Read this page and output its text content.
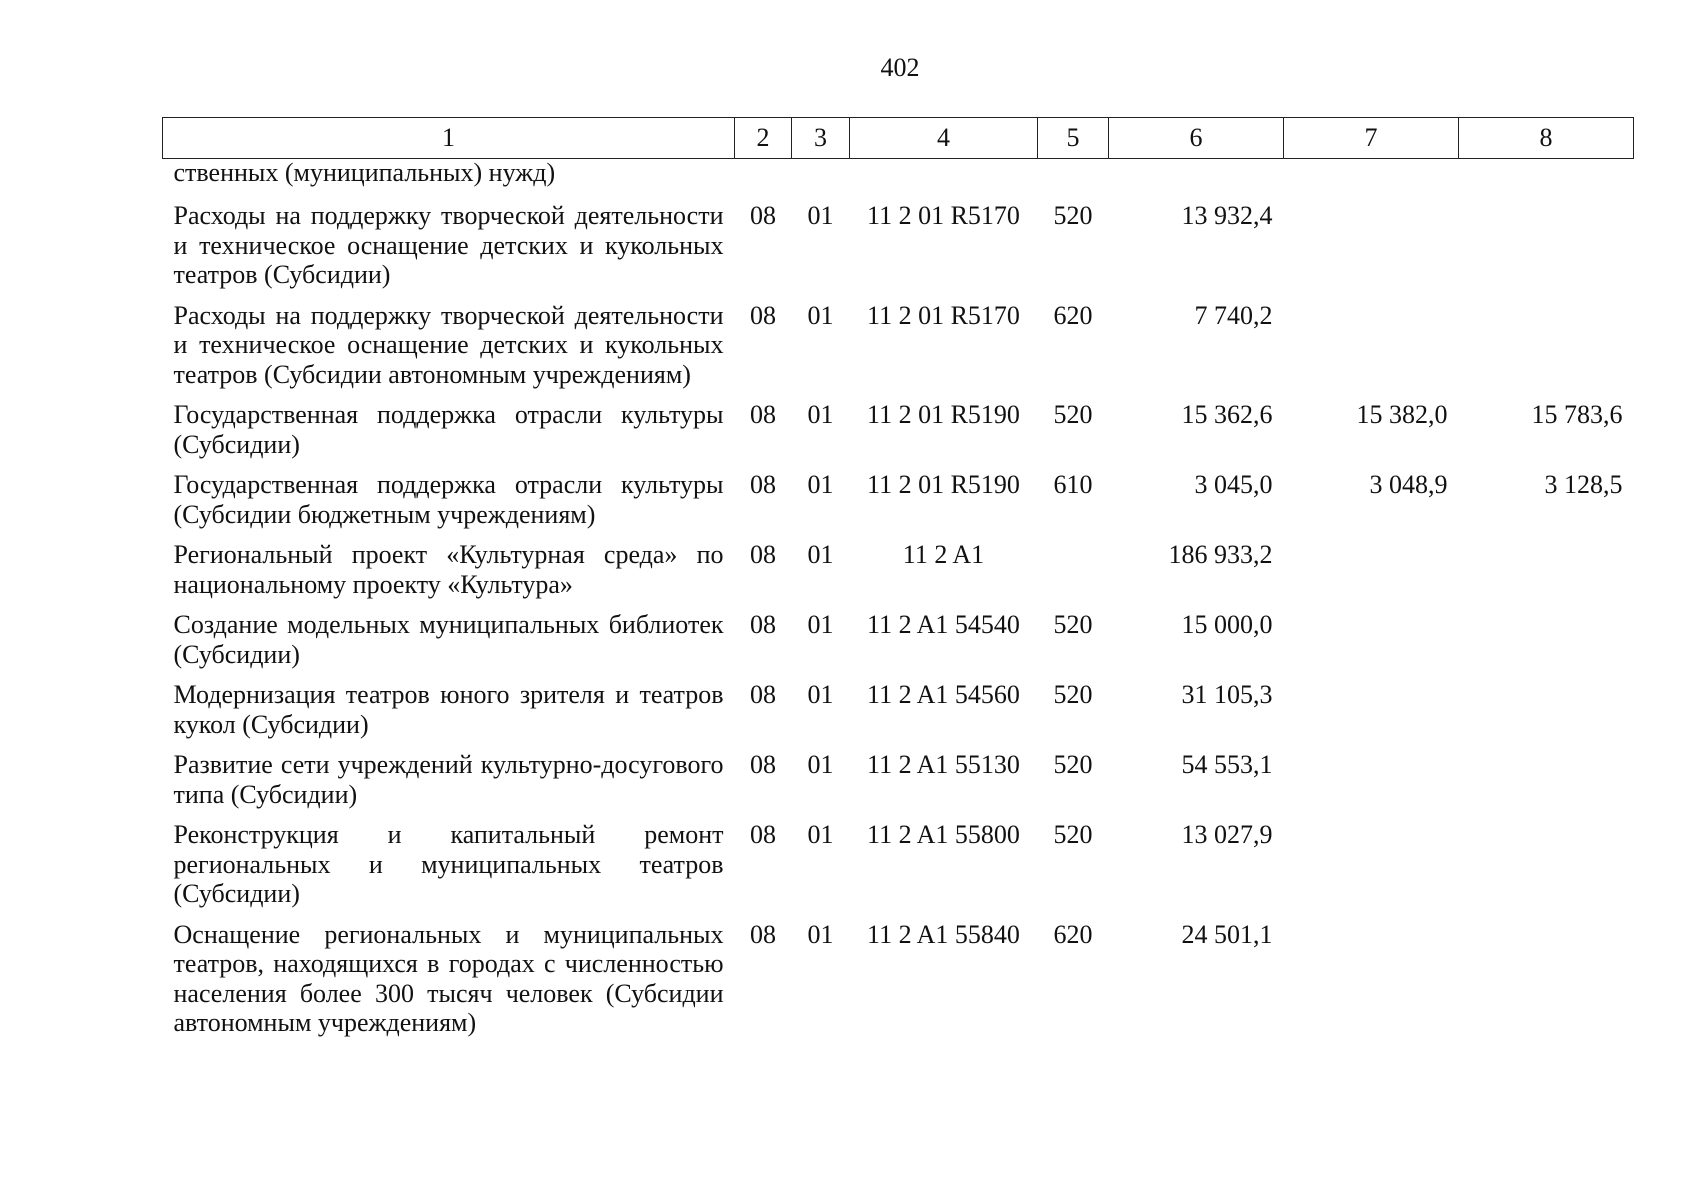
402
1	2	3	4	5	6	7	8
ственных (муниципальных) нужд)							
Расходы на поддержку творческой деятельности и техническое оснащение детских и кукольных театров (Субсидии)	08	01	11 2 01 R5170	520	13 932,4		
Расходы на поддержку творческой деятельности и техническое оснащение детских и кукольных театров (Субсидии автономным учреждениям)	08	01	11 2 01 R5170	620	7 740,2		
Государственная поддержка отрасли культуры (Субсидии)	08	01	11 2 01 R5190	520	15 362,6	15 382,0	15 783,6
Государственная поддержка отрасли культуры (Субсидии бюджетным учреждениям)	08	01	11 2 01 R5190	610	3 045,0	3 048,9	3 128,5
Региональный проект «Культурная среда» по национальному проекту «Культура»	08	01	11 2 A1		186 933,2		
Создание модельных муниципальных библиотек (Субсидии)	08	01	11 2 A1 54540	520	15 000,0		
Модернизация театров юного зрителя и театров кукол (Субсидии)	08	01	11 2 A1 54560	520	31 105,3		
Развитие сети учреждений культурно-досугового типа (Субсидии)	08	01	11 2 A1 55130	520	54 553,1		
Реконструкция и капитальный ремонт региональных и муниципальных театров (Субсидии)	08	01	11 2 A1 55800	520	13 027,9		
Оснащение региональных и муниципальных театров, находящихся в городах с численностью населения более 300 тысяч человек (Субсидии автономным учреждениям)	08	01	11 2 A1 55840	620	24 501,1		
